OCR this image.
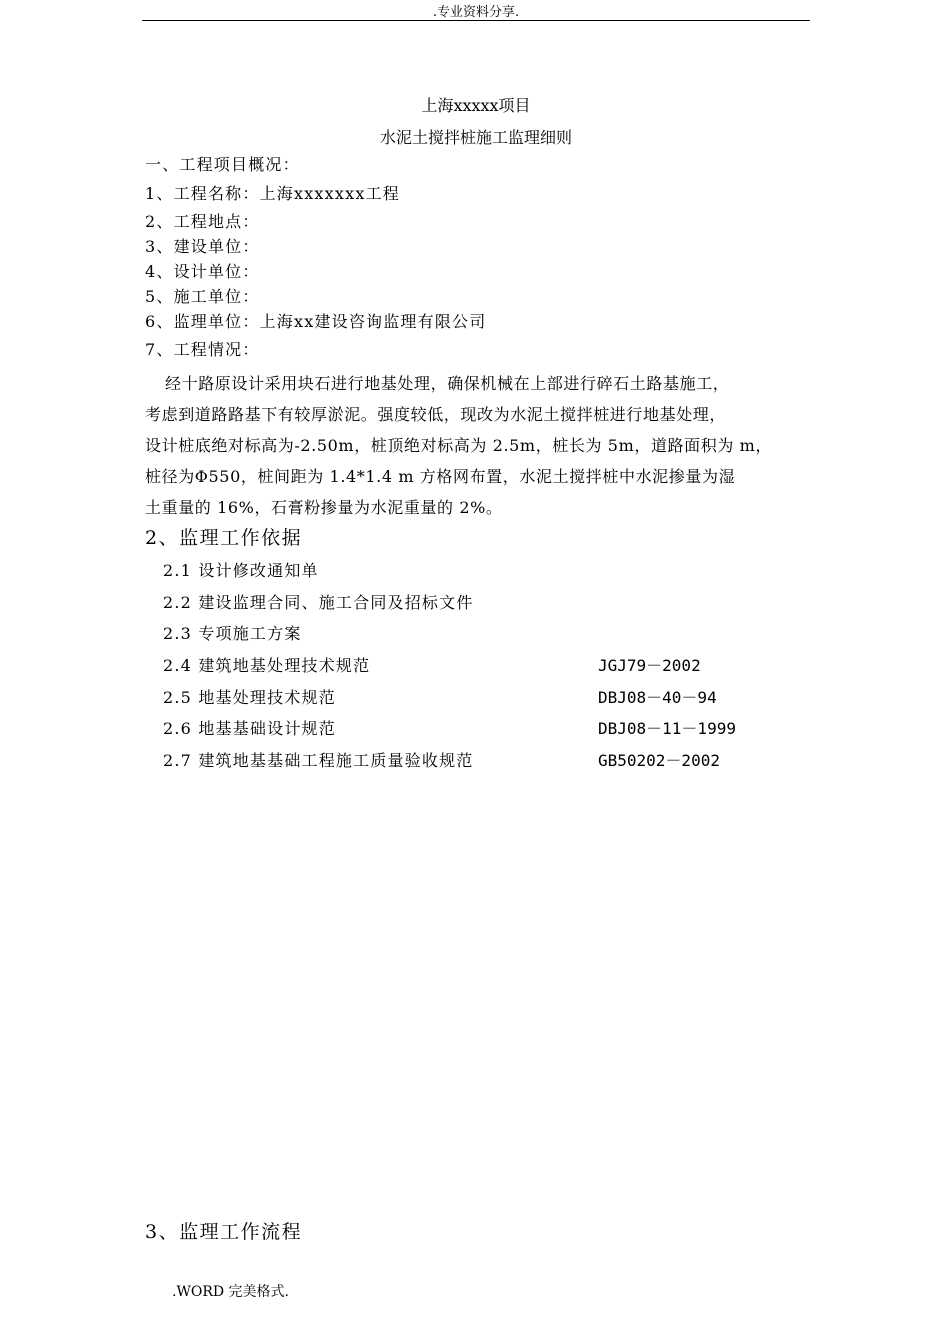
.专业资料分享.
上海xxxxx项目
水泥土搅拌桩施工监理细则
一、工程项目概况：
1、工程名称：上海xxxxxxx工程
2、工程地点：
3、建设单位：
4、设计单位：
5、施工单位：
6、监理单位：上海xx建设咨询监理有限公司
7、工程情况：

经十路原设计采用块石进行地基处理，确保机械在上部进行碎石土路基施工，

考虑到道路路基下有较厚淤泥。强度较低，现改为水泥土搅拌桩进行地基处理，

设计桩底绝对标高为-2.50m，桩顶绝对标高为 2.5m，桩长为 5m，道路面积为 m，

桩径为Φ550，桩间距为 1.4*1.4 m 方格网布置，水泥土搅拌桩中水泥掺量为湿

土重量的 16%，石膏粉掺量为水泥重量的 2%。

2、监理工作依据
2.1 设计修改通知单
2.2 建设监理合同、施工合同及招标文件
2.3 专项施工方案
2.4 建筑地基处理技术规范	JGJ79－2002
2.5 地基处理技术规范	DBJ08－40－94
2.6 地基基础设计规范	DBJ08－11－1999
2.7 建筑地基基础工程施工质量验收规范	GB50202－2002
3、监理工作流程
.WORD 完美格式.
